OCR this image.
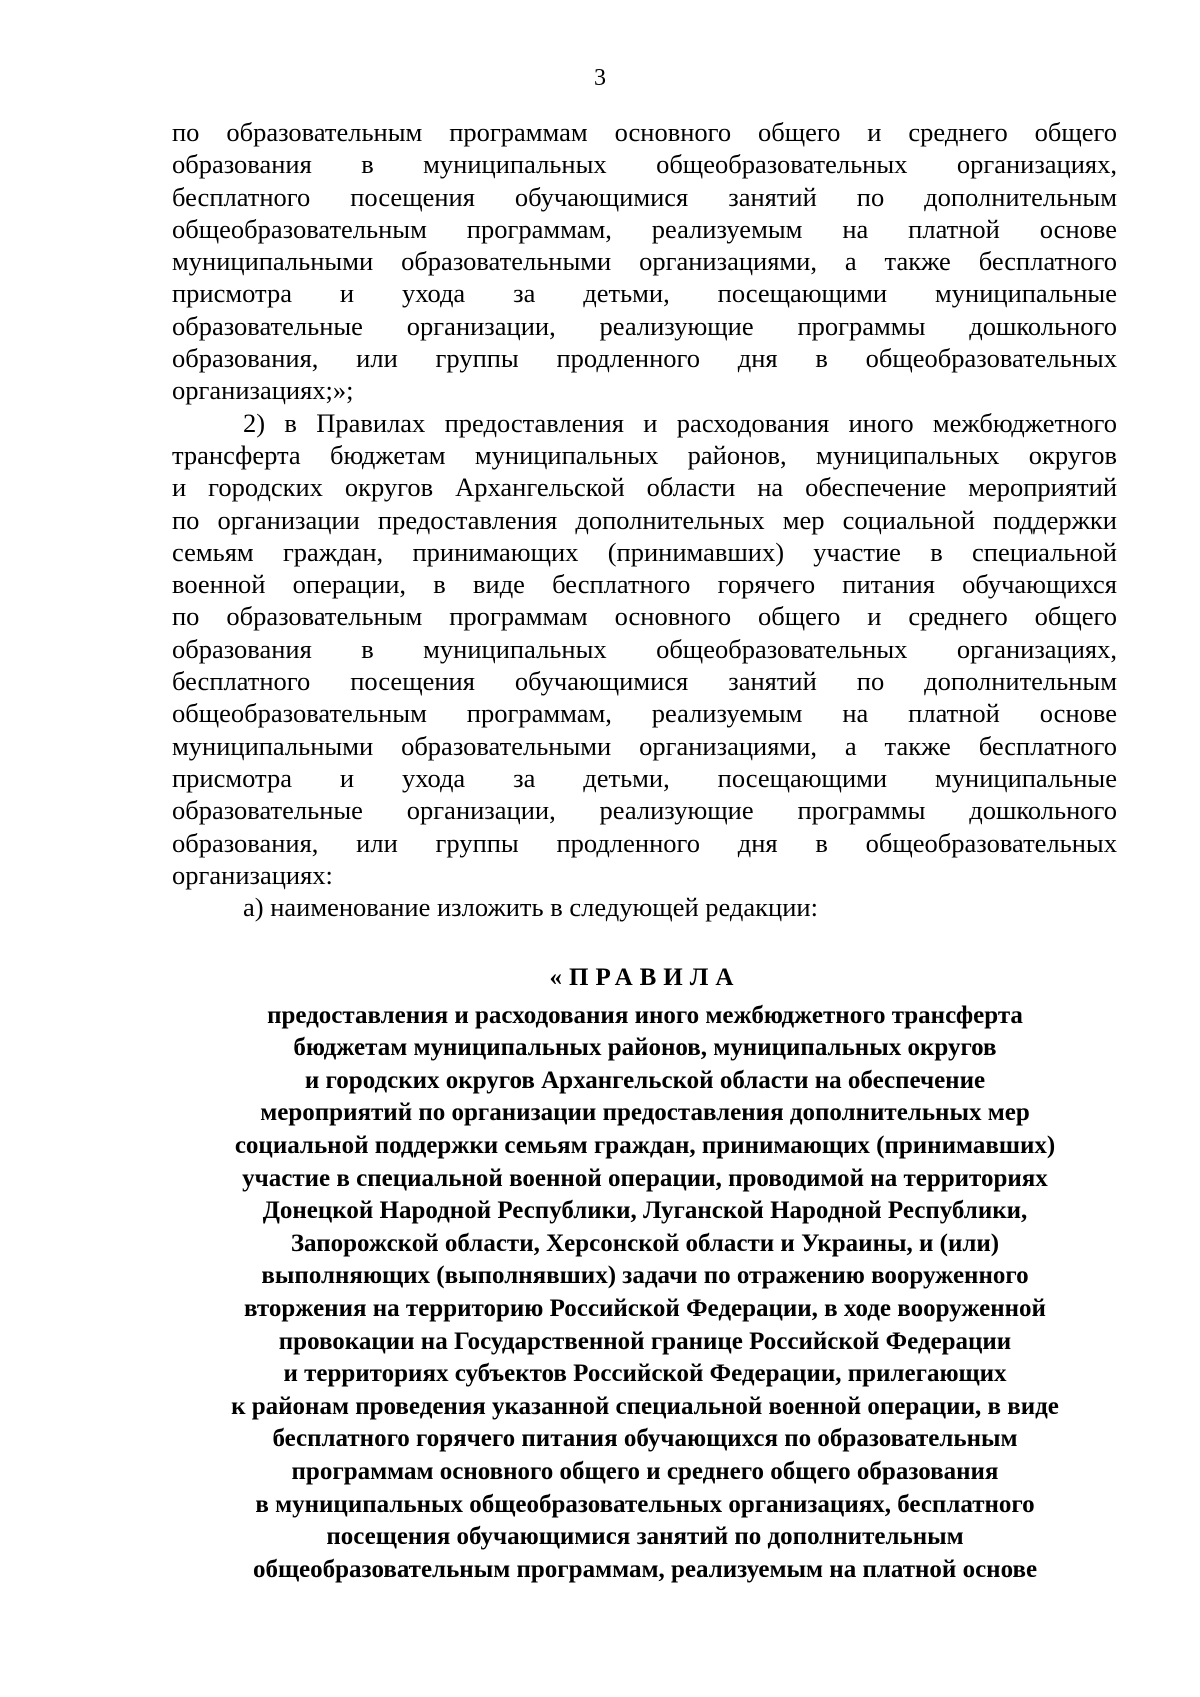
3
по образовательным программам основного общего и среднего общего
образования в муниципальных общеобразовательных организациях,
бесплатного посещения обучающимися занятий по дополнительным
общеобразовательным программам, реализуемым на платной основе
муниципальными образовательными организациями, а также бесплатного
присмотра и ухода за детьми, посещающими муниципальные
образовательные организации, реализующие программы дошкольного
образования, или группы продленного дня в общеобразовательных
организациях;»;
2) в Правилах предоставления и расходования иного межбюджетного
трансферта бюджетам муниципальных районов, муниципальных округов
и городских округов Архангельской области на обеспечение мероприятий
по организации предоставления дополнительных мер социальной поддержки
семьям граждан, принимающих (принимавших) участие в специальной
военной операции, в виде бесплатного горячего питания обучающихся
по образовательным программам основного общего и среднего общего
образования в муниципальных общеобразовательных организациях,
бесплатного посещения обучающимися занятий по дополнительным
общеобразовательным программам, реализуемым на платной основе
муниципальными образовательными организациями, а также бесплатного
присмотра и ухода за детьми, посещающими муниципальные
образовательные организации, реализующие программы дошкольного
образования, или группы продленного дня в общеобразовательных
организациях:
а) наименование изложить в следующей редакции:
«ПРАВИЛА
предоставления и расходования иного межбюджетного трансферта
бюджетам муниципальных районов, муниципальных округов
и городских округов Архангельской области на обеспечение
мероприятий по организации предоставления дополнительных мер
социальной поддержки семьям граждан, принимающих (принимавших)
участие в специальной военной операции, проводимой на территориях
Донецкой Народной Республики, Луганской Народной Республики,
Запорожской области, Херсонской области и Украины, и (или)
выполняющих (выполнявших) задачи по отражению вооруженного
вторжения на территорию Российской Федерации, в ходе вооруженной
провокации на Государственной границе Российской Федерации
и территориях субъектов Российской Федерации, прилегающих
к районам проведения указанной специальной военной операции, в виде
бесплатного горячего питания обучающихся по образовательным
программам основного общего и среднего общего образования
в муниципальных общеобразовательных организациях, бесплатного
посещения обучающимися занятий по дополнительным
общеобразовательным программам, реализуемым на платной основе
